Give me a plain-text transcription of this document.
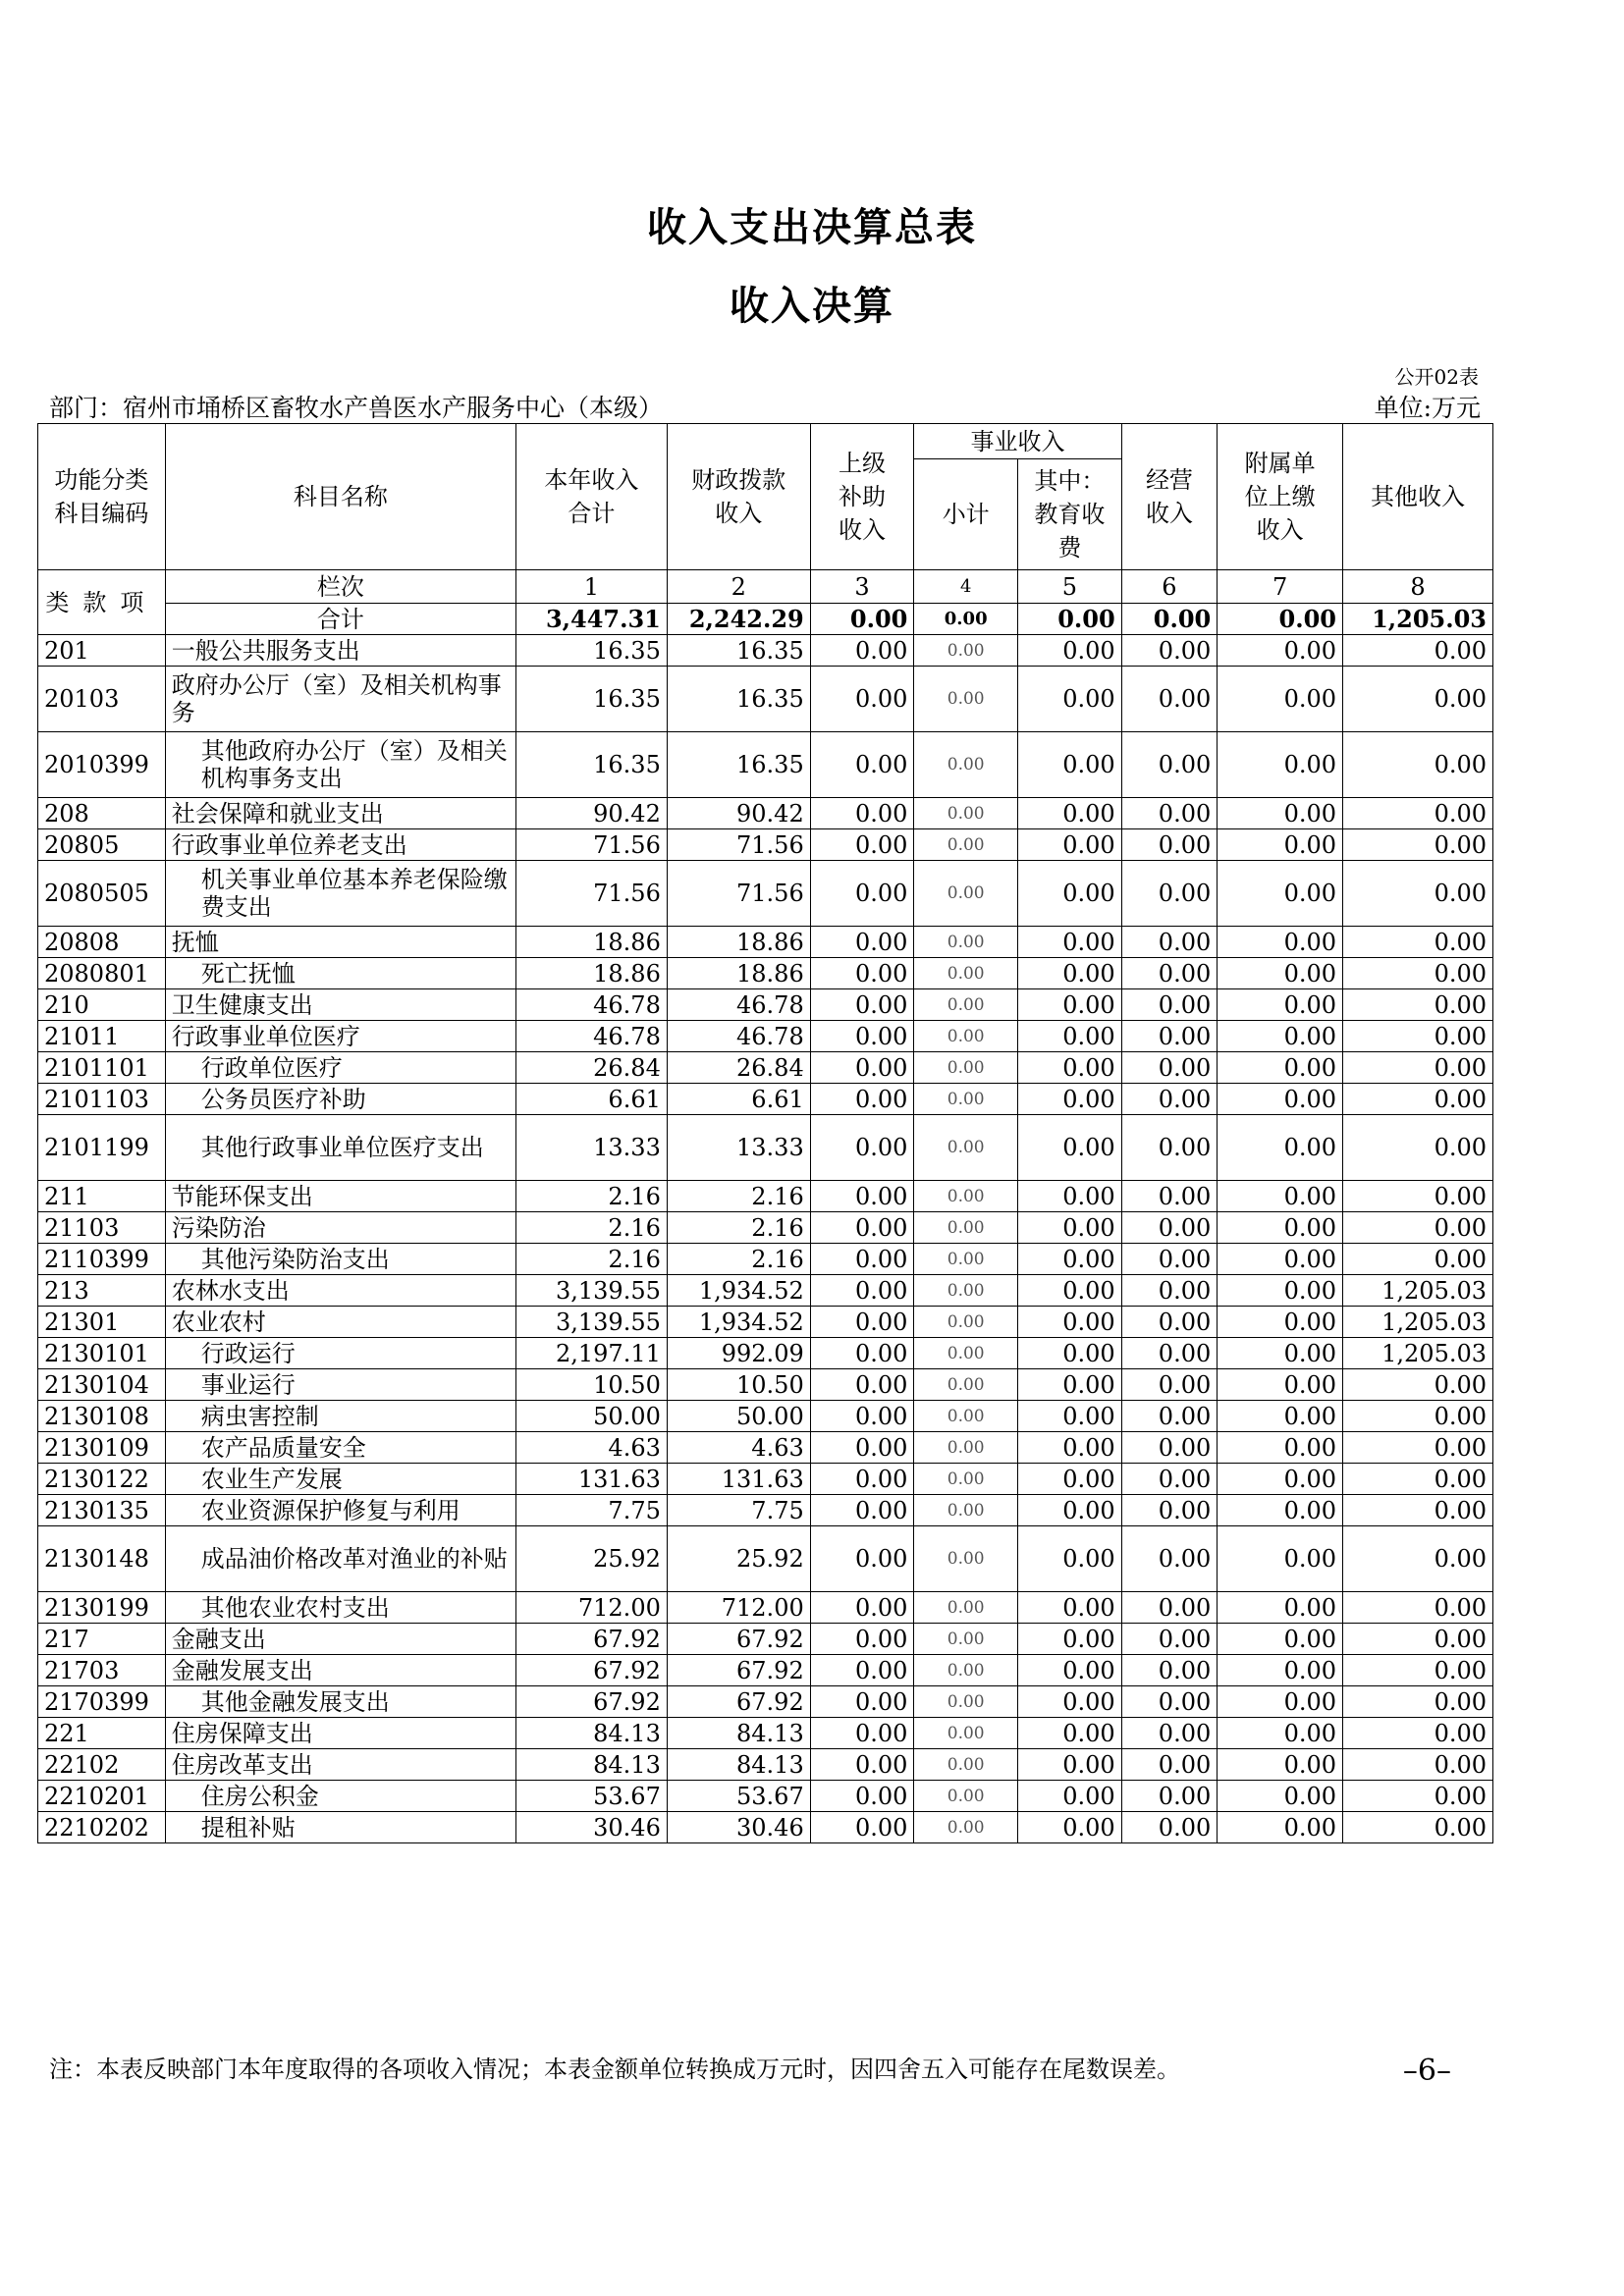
收入支出决算总表
收入决算
公开02表
部门：宿州市埇桥区畜牧水产兽医水产服务中心（本级）	单位:万元
功能分类科目编码	科目名称	本年收入合计	财政拨款收入	上级补助收入	事业收入		经营收入	附属单位上缴收入	其他收入
					小计	其中：教育收费			
类款项	栏次	1	2	3	4	5	6	7	8
	合计	3,447.31	2,242.29	0.00	0.00	0.00	0.00	0.00	1,205.03
201	一般公共服务支出	16.35	16.35	0.00	0.00	0.00	0.00	0.00	0.00
20103	政府办公厅（室）及相关机构事务	16.35	16.35	0.00	0.00	0.00	0.00	0.00	0.00
2010399	其他政府办公厅（室）及相关机构事务支出	16.35	16.35	0.00	0.00	0.00	0.00	0.00	0.00
208	社会保障和就业支出	90.42	90.42	0.00	0.00	0.00	0.00	0.00	0.00
20805	行政事业单位养老支出	71.56	71.56	0.00	0.00	0.00	0.00	0.00	0.00
2080505	机关事业单位基本养老保险缴费支出	71.56	71.56	0.00	0.00	0.00	0.00	0.00	0.00
20808	抚恤	18.86	18.86	0.00	0.00	0.00	0.00	0.00	0.00
2080801	死亡抚恤	18.86	18.86	0.00	0.00	0.00	0.00	0.00	0.00
210	卫生健康支出	46.78	46.78	0.00	0.00	0.00	0.00	0.00	0.00
21011	行政事业单位医疗	46.78	46.78	0.00	0.00	0.00	0.00	0.00	0.00
2101101	行政单位医疗	26.84	26.84	0.00	0.00	0.00	0.00	0.00	0.00
2101103	公务员医疗补助	6.61	6.61	0.00	0.00	0.00	0.00	0.00	0.00
2101199	其他行政事业单位医疗支出	13.33	13.33	0.00	0.00	0.00	0.00	0.00	0.00
211	节能环保支出	2.16	2.16	0.00	0.00	0.00	0.00	0.00	0.00
21103	污染防治	2.16	2.16	0.00	0.00	0.00	0.00	0.00	0.00
2110399	其他污染防治支出	2.16	2.16	0.00	0.00	0.00	0.00	0.00	0.00
213	农林水支出	3,139.55	1,934.52	0.00	0.00	0.00	0.00	0.00	1,205.03
21301	农业农村	3,139.55	1,934.52	0.00	0.00	0.00	0.00	0.00	1,205.03
2130101	行政运行	2,197.11	992.09	0.00	0.00	0.00	0.00	0.00	1,205.03
2130104	事业运行	10.50	10.50	0.00	0.00	0.00	0.00	0.00	0.00
2130108	病虫害控制	50.00	50.00	0.00	0.00	0.00	0.00	0.00	0.00
2130109	农产品质量安全	4.63	4.63	0.00	0.00	0.00	0.00	0.00	0.00
2130122	农业生产发展	131.63	131.63	0.00	0.00	0.00	0.00	0.00	0.00
2130135	农业资源保护修复与利用	7.75	7.75	0.00	0.00	0.00	0.00	0.00	0.00
2130148	成品油价格改革对渔业的补贴	25.92	25.92	0.00	0.00	0.00	0.00	0.00	0.00
2130199	其他农业农村支出	712.00	712.00	0.00	0.00	0.00	0.00	0.00	0.00
217	金融支出	67.92	67.92	0.00	0.00	0.00	0.00	0.00	0.00
21703	金融发展支出	67.92	67.92	0.00	0.00	0.00	0.00	0.00	0.00
2170399	其他金融发展支出	67.92	67.92	0.00	0.00	0.00	0.00	0.00	0.00
221	住房保障支出	84.13	84.13	0.00	0.00	0.00	0.00	0.00	0.00
22102	住房改革支出	84.13	84.13	0.00	0.00	0.00	0.00	0.00	0.00
2210201	住房公积金	53.67	53.67	0.00	0.00	0.00	0.00	0.00	0.00
2210202	提租补贴	30.46	30.46	0.00	0.00	0.00	0.00	0.00	0.00
注：本表反映部门本年度取得的各项收入情况；本表金额单位转换成万元时，因四舍五入可能存在尾数误差。	–6–
